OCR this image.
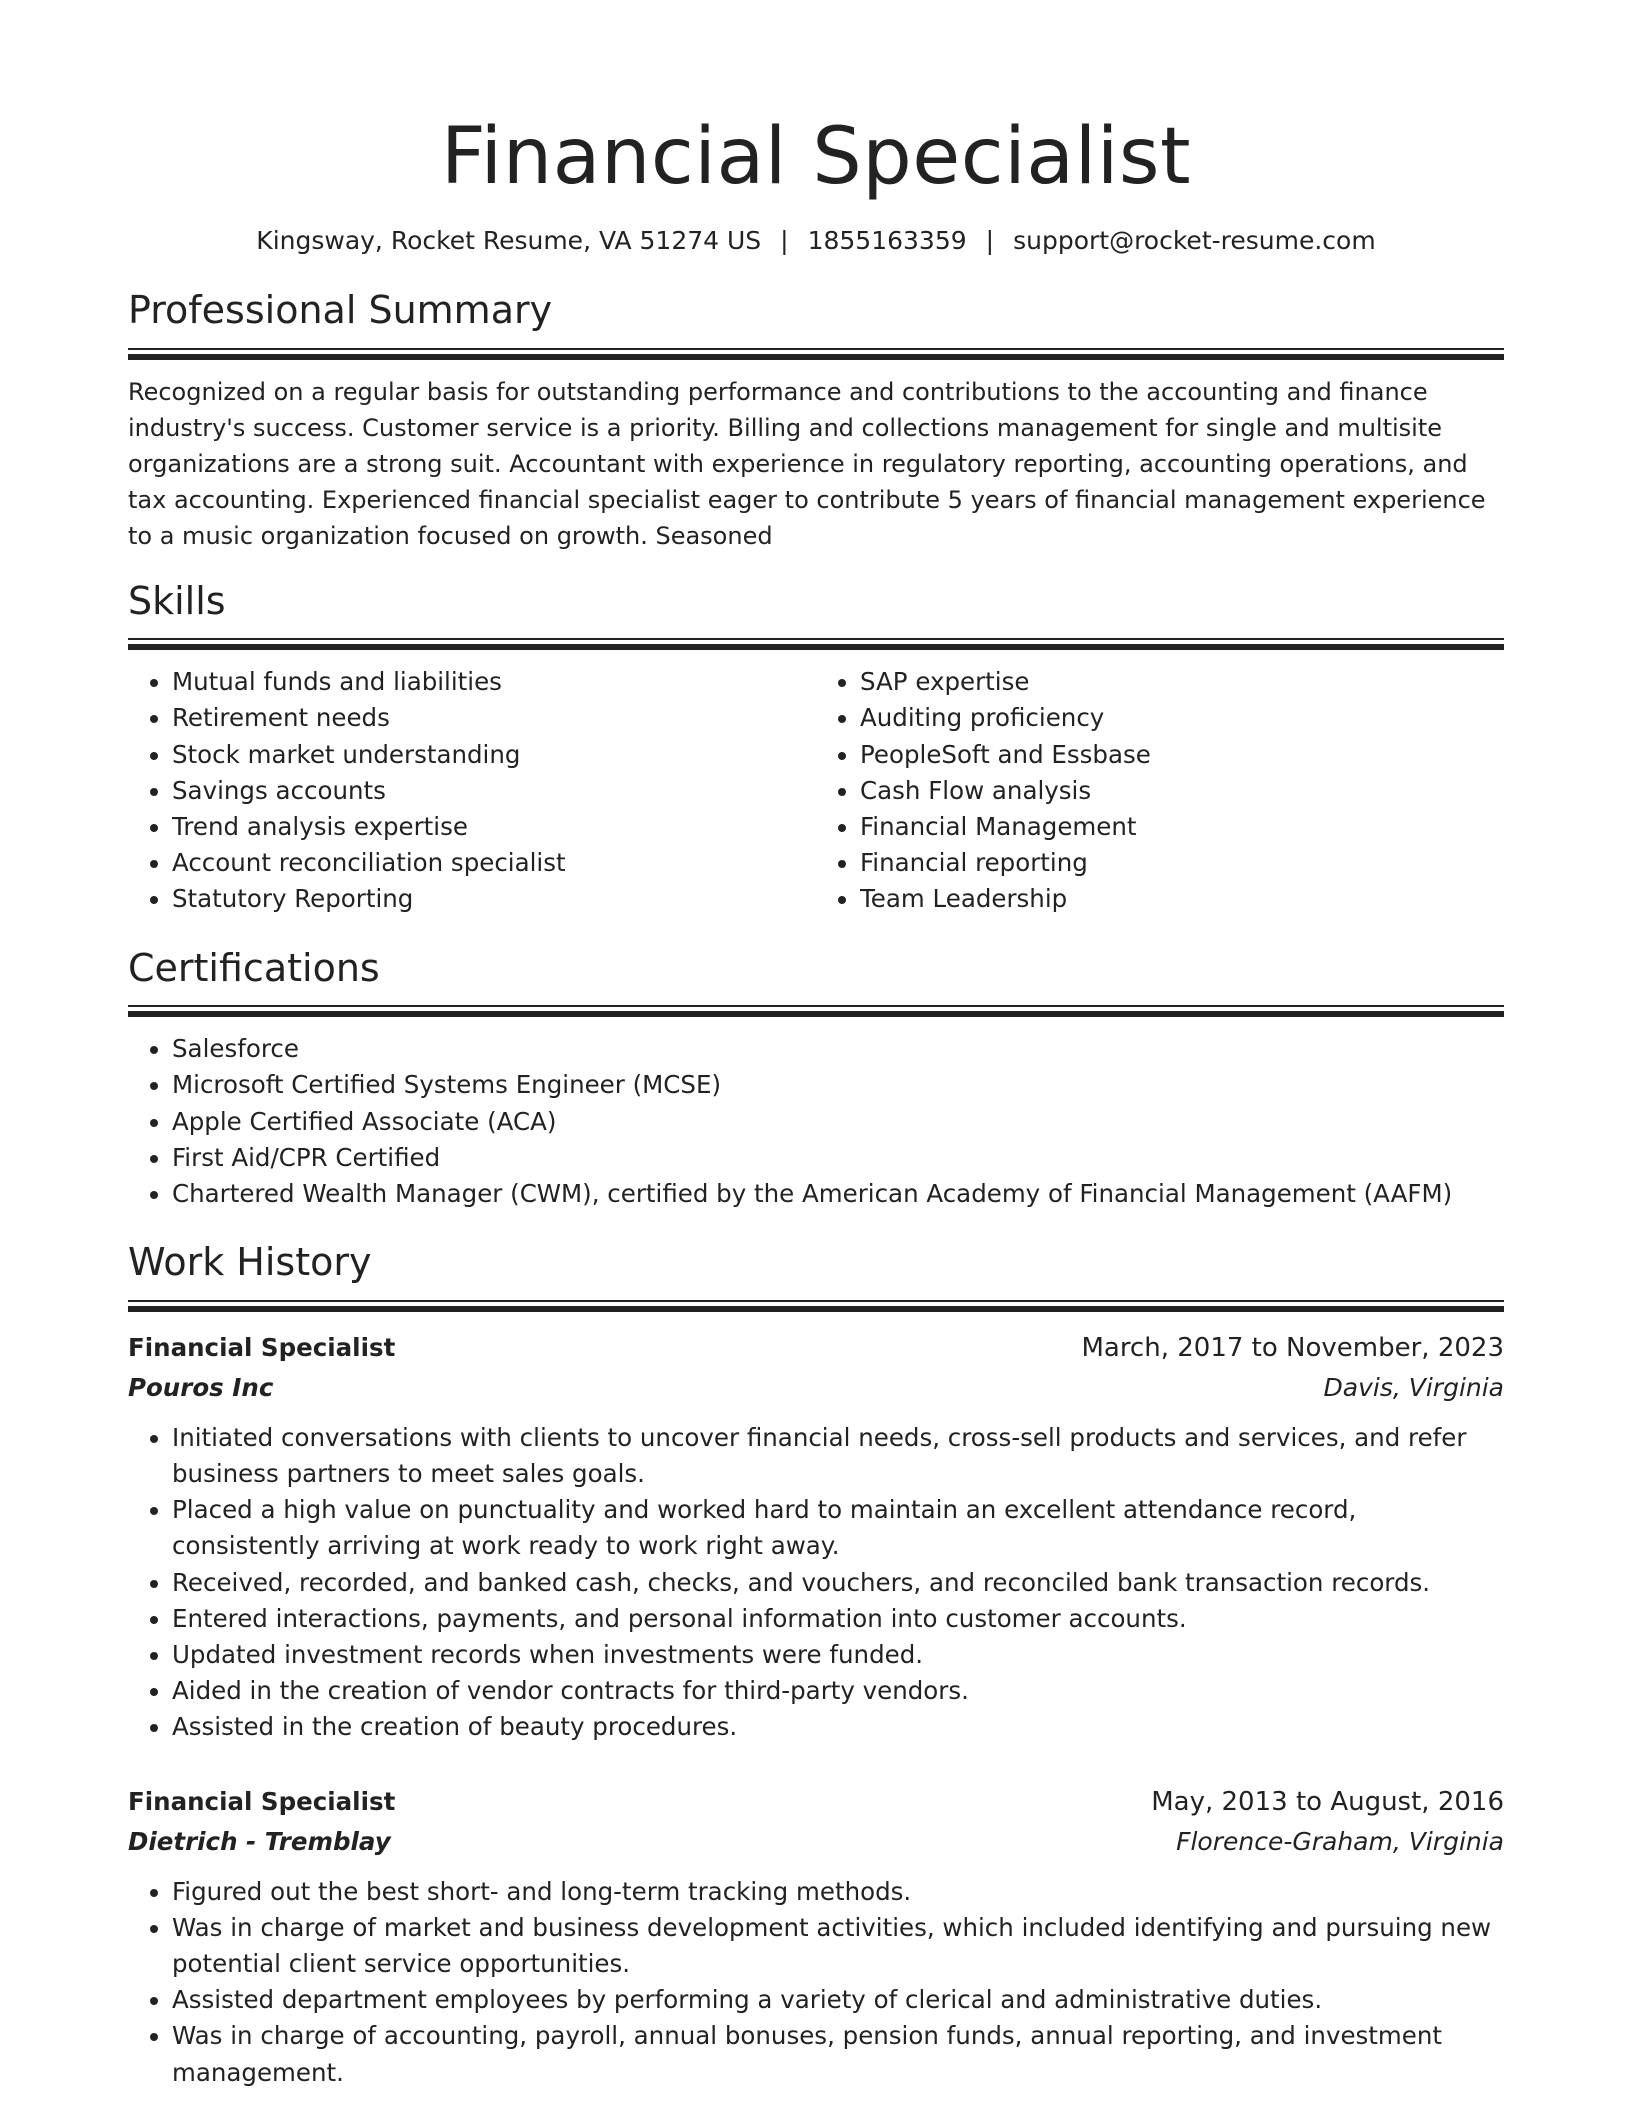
Financial Specialist
Kingsway, Rocket Resume, VA 51274 US | 1855163359 | support@rocket-resume.com
Professional Summary

Recognized on a regular basis for outstanding performance and contributions to the accounting and finance industry's success. Customer service is a priority. Billing and collections management for single and multisite organizations are a strong suit. Accountant with experience in regulatory reporting, accounting operations, and tax accounting. Experienced financial specialist eager to contribute 5 years of financial management experience to a music organization focused on growth. Seasoned

Skills
• Mutual funds and liabilities
• Retirement needs
• Stock market understanding
• Savings accounts
• Trend analysis expertise
• Account reconciliation specialist
• Statutory Reporting
• SAP expertise
• Auditing proficiency
• PeopleSoft and Essbase
• Cash Flow analysis
• Financial Management
• Financial reporting
• Team Leadership
Certifications
• Salesforce
• Microsoft Certified Systems Engineer (MCSE)
• Apple Certified Associate (ACA)
• First Aid/CPR Certified
• Chartered Wealth Manager (CWM), certified by the American Academy of Financial Management (AAFM)
Work History
Financial Specialist	March, 2017 to November, 2023
Pouros Inc	Davis, Virginia
• Initiated conversations with clients to uncover financial needs, cross-sell products and services, and refer business partners to meet sales goals.
• Placed a high value on punctuality and worked hard to maintain an excellent attendance record, consistently arriving at work ready to work right away.
• Received, recorded, and banked cash, checks, and vouchers, and reconciled bank transaction records.
• Entered interactions, payments, and personal information into customer accounts.
• Updated investment records when investments were funded.
• Aided in the creation of vendor contracts for third-party vendors.
• Assisted in the creation of beauty procedures.
Financial Specialist	May, 2013 to August, 2016
Dietrich - Tremblay	Florence-Graham, Virginia
• Figured out the best short- and long-term tracking methods.
• Was in charge of market and business development activities, which included identifying and pursuing new potential client service opportunities.
• Assisted department employees by performing a variety of clerical and administrative duties.
• Was in charge of accounting, payroll, annual bonuses, pension funds, annual reporting, and investment management.
